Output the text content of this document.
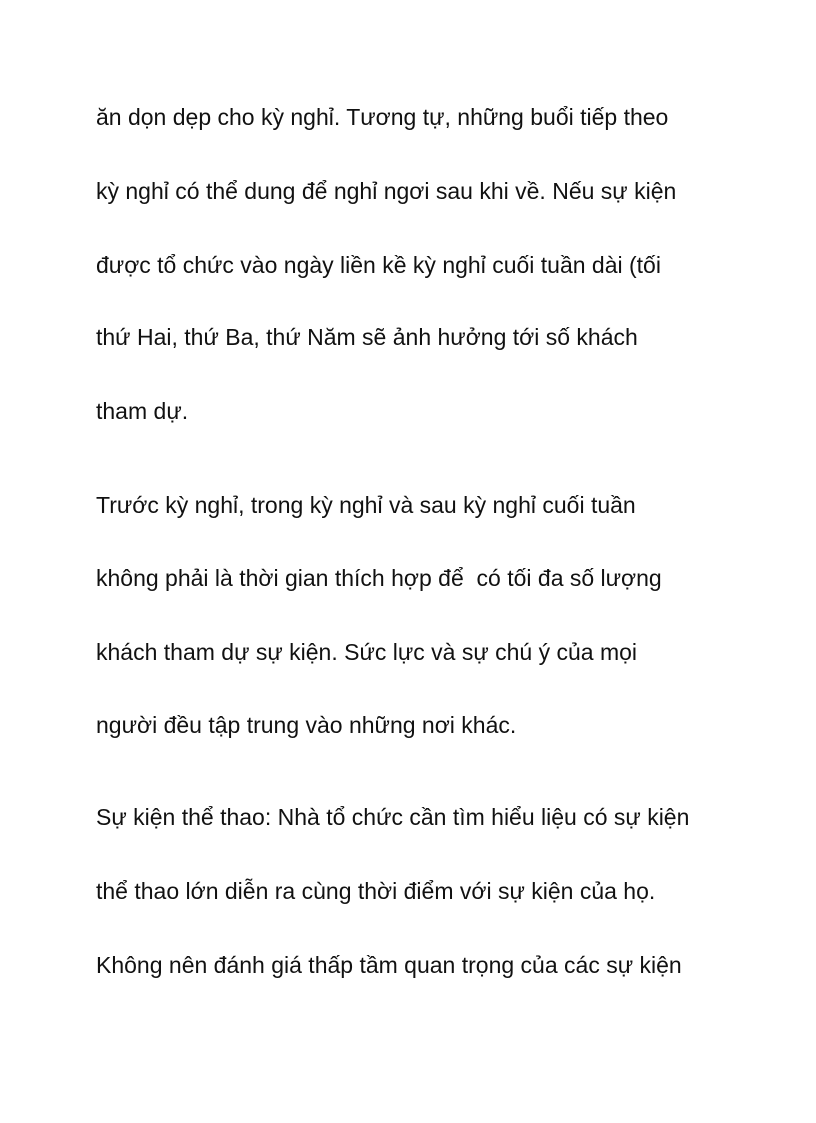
ăn dọn dẹp cho kỳ nghỉ. Tương tự, những buổi tiếp theo

kỳ nghỉ có thể dung để nghỉ ngơi sau khi về. Nếu sự kiện

được tổ chức vào ngày liền kề kỳ nghỉ cuối tuần dài (tối

thứ Hai, thứ Ba, thứ Năm sẽ ảnh hưởng tới số khách

tham dự.

Trước kỳ nghỉ, trong kỳ nghỉ và sau kỳ nghỉ cuối tuần

không phải là thời gian thích hợp để  có tối đa số lượng

khách tham dự sự kiện. Sức lực và sự chú ý của mọi

người đều tập trung vào những nơi khác.

Sự kiện thể thao: Nhà tổ chức cần tìm hiểu liệu có sự kiện

thể thao lớn diễn ra cùng thời điểm với sự kiện của họ.

Không nên đánh giá thấp tầm quan trọng của các sự kiện
